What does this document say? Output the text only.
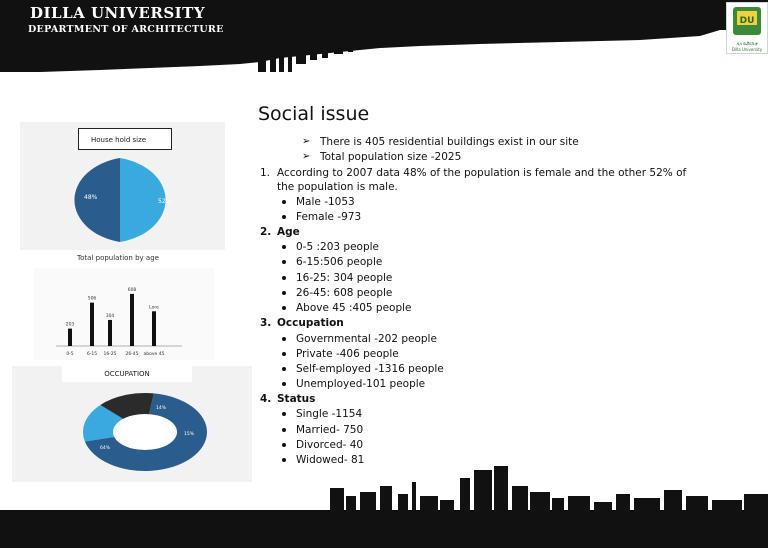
DILLA UNIVERSITY
DEPARTMENT OF ARCHITECTURE
DU
ዲላ ዩኒቨርሲቲ
Dilla University
House hold size
48%
52%
Total population by age
203
0-5
506
6-15
304
16-25
608
26-45
Lore
above 45
OCCUPATION
64%
15%
14%
Social issue
➢ There is 405 residential buildings exist in our site
➢ Total population size -2025
1. According to 2007 data 48% of the population is female and the other 52% of
the population is male.
Male -1053
Female -973
2. Age
0-5 :203 people
6-15:506 people
16-25: 304 people
26-45: 608 people
Above 45 :405 people
3. Occupation
Governmental -202 people
Private -406 people
Self-employed -1316 people
Unemployed-101 people
4. Status
Single -1154
Married- 750
Divorced- 40
Widowed- 81
